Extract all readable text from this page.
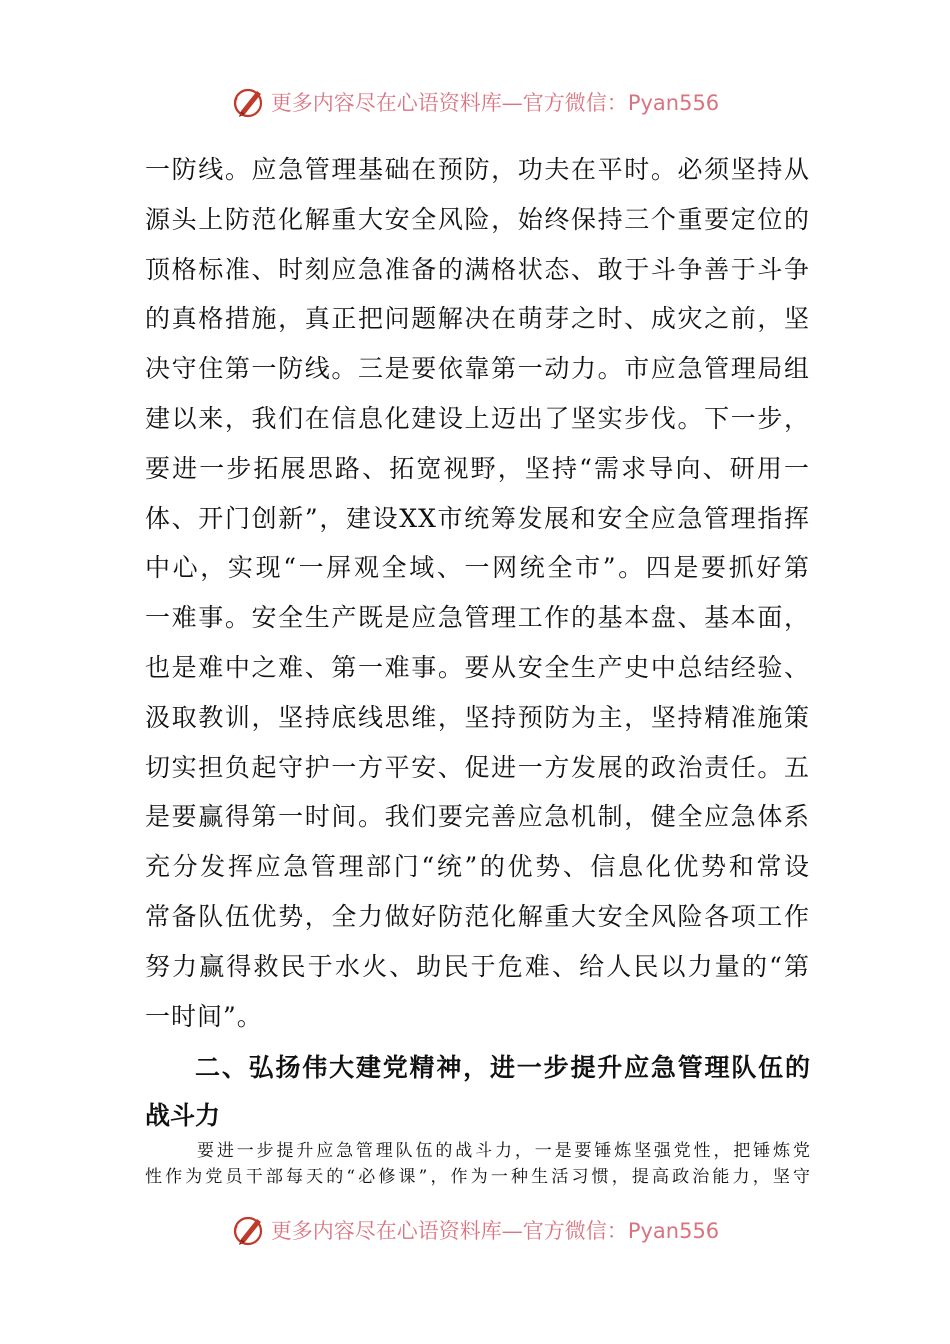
更多内容尽在心语资料库—官方微信：Pyan556
一防线。应急管理基础在预防，功夫在平时。必须坚持从
源头上防范化解重大安全风险，始终保持三个重要定位的
顶格标准、时刻应急准备的满格状态、敢于斗争善于斗争
的真格措施，真正把问题解决在萌芽之时、成灾之前，坚
决守住第一防线。三是要依靠第一动力。市应急管理局组
建以来，我们在信息化建设上迈出了坚实步伐。下一步，
要进一步拓展思路、拓宽视野，坚持“需求导向、研用一
体、开门创新”，建设XX市统筹发展和安全应急管理指挥
中心，实现“一屏观全域、一网统全市”。四是要抓好第
一难事。安全生产既是应急管理工作的基本盘、基本面，
也是难中之难、第一难事。要从安全生产史中总结经验、
汲取教训，坚持底线思维，坚持预防为主，坚持精准施策
切实担负起守护一方平安、促进一方发展的政治责任。五
是要赢得第一时间。我们要完善应急机制，健全应急体系
充分发挥应急管理部门“统”的优势、信息化优势和常设
常备队伍优势，全力做好防范化解重大安全风险各项工作
努力赢得救民于水火、助民于危难、给人民以力量的“第
一时间”。
二、弘扬伟大建党精神，进一步提升应急管理队伍的
战斗力
要进一步提升应急管理队伍的战斗力，一是要锤炼坚强党性，把锤炼党
性作为党员干部每天的“必修课”，作为一种生活习惯，提高政治能力，坚守
更多内容尽在心语资料库—官方微信：Pyan556
